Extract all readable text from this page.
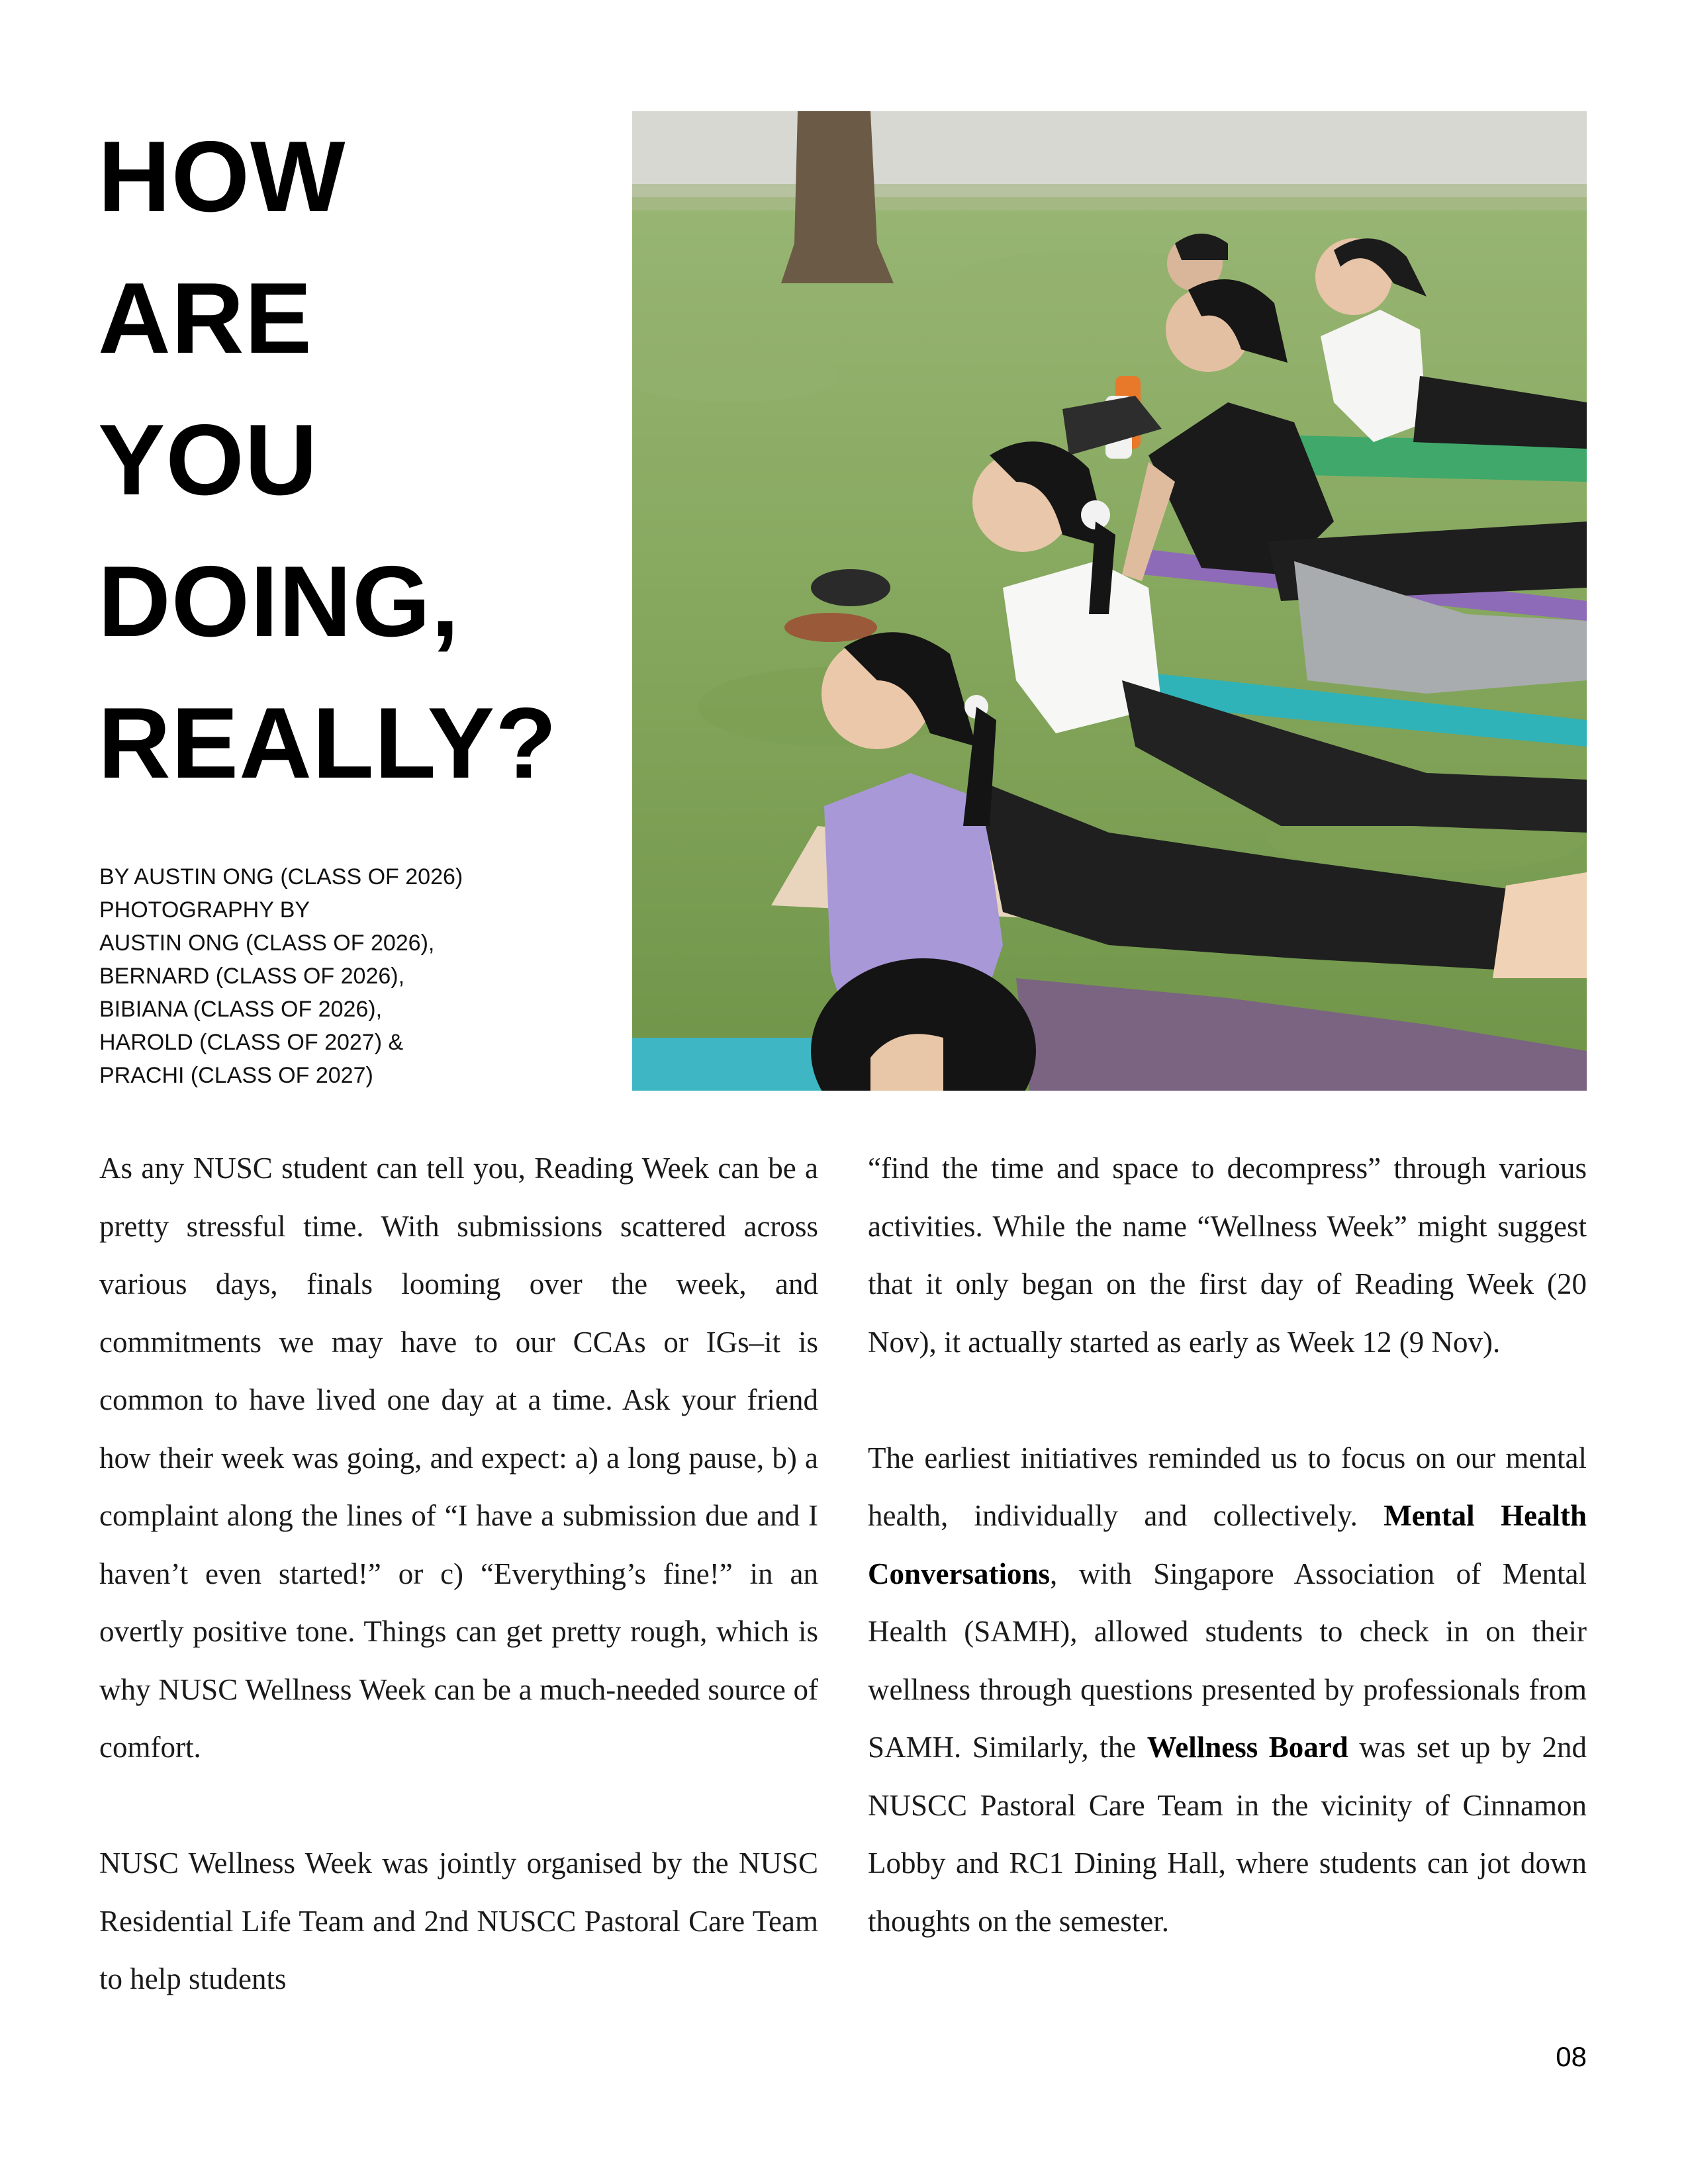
HOW
ARE
YOU
DOING,
REALLY?
BY AUSTIN ONG (CLASS OF 2026)
PHOTOGRAPHY BY
AUSTIN ONG (CLASS OF 2026),
BERNARD (CLASS OF 2026),
BIBIANA (CLASS OF 2026),
HAROLD (CLASS OF 2027) &
PRACHI (CLASS OF 2027)

As any NUSC student can tell you, Reading Week can be a pretty stressful time. With submissions scattered across various days, finals looming over the week, and commitments we may have to our CCAs or IGs–it is common to have lived one day at a time. Ask your friend how their week was going, and expect: a) a long pause, b) a complaint along the lines of “I have a submission due and I haven’t even started!” or c) “Everything’s fine!” in an overtly positive tone. Things can get pretty rough, which is why NUSC Wellness Week can be a much-needed source of comfort.

NUSC Wellness Week was jointly organised by the NUSC Residential Life Team and 2nd NUSCC Pastoral Care Team to help students

“find the time and space to decompress” through various activities. While the name “Wellness Week” might suggest that it only began on the first day of Reading Week (20 Nov), it actually started as early as Week 12 (9 Nov).

The earliest initiatives reminded us to focus on our mental health, individually and collectively. Mental Health Conversations, with Singapore Association of Mental Health (SAMH), allowed students to check in on their wellness through questions presented by professionals from SAMH. Similarly, the Wellness Board was set up by 2nd NUSCC Pastoral Care Team in the vicinity of Cinnamon Lobby and RC1 Dining Hall, where students can jot down thoughts on the semester.

08
